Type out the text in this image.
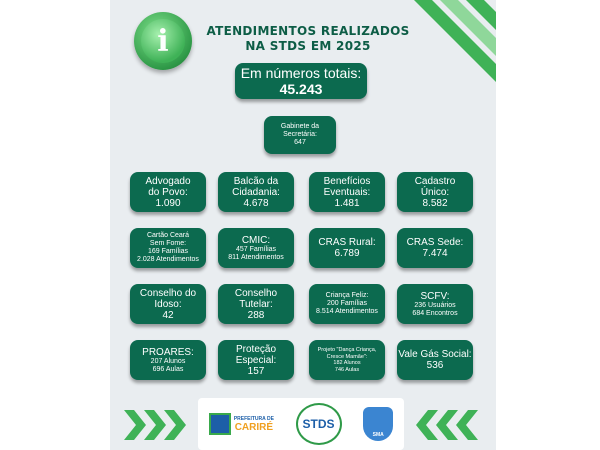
i	ATENDIMENTOS REALIZADOS
NA STDS EM 2025
Em números totais:
45.243
Gabinete da
Secretária:
647
Advogado
do Povo:
1.090
Balcão da
Cidadania:
4.678
Benefícios
Eventuais:
1.481
Cadastro
Único:
8.582
Cartão Ceará
Sem Fome:
169 Famílias
2.028 Atendimentos
CMIC:
457 Famílias
811 Atendimentos
CRAS Rural:
6.789
CRAS Sede:
7.474
Conselho do
Idoso:
42
Conselho
Tutelar:
288
Criança Feliz:
200 Famílias
8.514 Atendimentos
SCFV:
236 Usuários
684 Encontros
PROARES:
207 Alunos
696 Aulas
Proteção
Especial:
157
Projeto "Dança Criança,
Cresce Mamãe":
182 Alunos
746 Aulas
Vale Gás Social:
536
PREFEITURA DE
CARIRÉ	STDS
SMA
